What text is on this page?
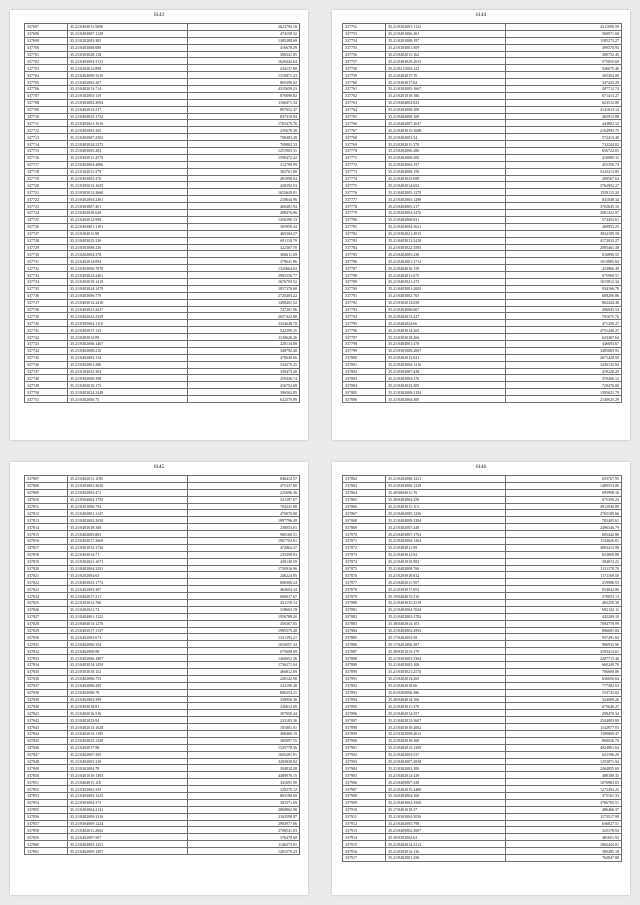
6143
337697	35.21/0403011:5690	2623793.10
337698	35.21/0403007:1128	474158.32
337699	35.21/0202003:385	1385288.69
337700	35.21/0403008:688	416670.29
337701	35.21/0303028:118	306341.85
337702	35.21/0403004:3131	1629442.64
337703	35.21/0203012:898	234137.80
337704	35.21/0404008:3310	1310871.23
337705	35.21/0402002:207	865390.02
337706	35.21/0402013:714	4315659.23
337707	35.21/0102003:119	876096.82
337708	35.21/0303004:2094	1166471.34
337709	35.21/0402013:217	897652.47
337710	35.21/0403023:1732	837310.84
337711	35.21/0403021:1016	1765479.76
337712	35.21/0202003:305	235678.39
337713	35.21/0403007:2502	708483.49
337714	35.21/0403024:2273	709882.33
337715	35.21/0403005:284	1251903.31
337716	35.21/0302011:4579	1590472.42
337717	35.21/0403004:4886	312789.99
337718	35.21/0102011:379	302761.80
337719	35.21/0403002:476	491998.04
337720	35.21/0305013:1635	428292.53
337721	35.21/0305013:2660	1652629.81
337722	35.21/0402004:2361	218644.96
337723	35.21/0303007:401	460481.94
337724	35.21/0403028:628	498476.86
337725	35.21/0202012:998	1456596.13
337726	35.21/0403001:1181	305958.44
337727	35.21/0304011:98	465304.27
337728	35.21/0403025:336	691110.79
337729	35.21/0303008:236	322367.70
337730	35.21/0202004:378	306611.69
337731	35.21/0402014:894	378641.86
337732	35.21/0403006:7878	1325664.63
337733	35.21/0403024:2461	2982356.77
337734	35.21/0403019:1418	1676793.52
337735	35.21/0403024:1479	1857376.68
337736	35.21/0403006:779	2720403.22
337737	35.21/0403012:2410	1498401.52
337738	35.21/0403021:2417	747201.96
337739	35.21/0402022:2329	2657422.90
337740	35.21/0305004:1110	3334648.70
337741	35.21/0202017:123	522399.25
337742	35.21/0403013:89	1120628.26
337743	35.21/0402006:1467	428134.88
337744	35.21/0402008:210	348792.40
337745	35.21/0402003:114	470640.66
337746	35.21/0302001:280	334279.25
337747	35.21/0103022:304	339473.20
337748	35.21/0302008:398	259436.74
337749	35.21/0403010:173	416752.69
337750	35.21/0403024:2448	396562.85
337751	35.21/0402006:75	622370.89
6144
337752	35.21/0302001:1122	4311690.59
337753	35.21/0401006:361	560971.68
337754	35.21/0201008:197	1185272.27
337755	35.21/0304001:509	499570.93
337756	35.21/0402011:162	380752.45
337757	35.21/0403029:2013	575055.69
337758	35.21/0211003:122	526675.46
337759	35.21/0403017:70	265304.00
337760	35.21/0303017:62	347423.29
337761	35.21/0302005:1667	287712.74
337762	35.21/0201010:186	671413.27
337763	35.21/0404004:823	623512.88
337764	35.21/0303008:108	4141613.14
337765	35.21/0402008:108	465913.88
337766	35.21/0402007:2647	443802.52
337767	35.21/0403015:3688	2164992.75
337768	35.21/0402003:54	572413.40
337769	35.21/0202011:370	732244.02
337770	35.21/0402006:286	656722.05
337771	35.21/0402008:200	418080.31
337772	35.21/0404004:157	455356.74
337773	35.21/0404008:158	5243213.85
337774	35.21/0403023:698	289567.64
337775	35.21/0403014:652	3762992.27
337776	35.21/0402005:1279	1558115.20
337777	35.21/0402005:1298	841048.34
337778	35.21/0404005:217	3702645.16
337779	35.21/0203004:3476	3081432.97
337780	35.21/0402008:831	574453.61
337781	35.21/0404004:3621	260953.25
337782	35.21/0302021:4915	3834189.58
337783	35.21/0403013:2418	4172033.27
337784	35.21/0403022:3585	2085461.38
337785	35.21/0402005:238	616890.55
337786	35.21/0402001:2712	1013885.84
337787	35.21/0404016:159	423866.49
337788	35.21/0403011:675	675969.51
337789	35.21/0403021:273	1015812.34
337790	35.21/0403001:2005	934166.78
337791	35.21/0403002:765	608206.86
337792	35.21/0302014:658	862444.48
337793	35.21/0404006:607	496945.54
337794	35.21/0402013:227	781675.76
337795	35.21/0402024:66	471458.27
337796	35.21/0403014:265	4751446.27
337797	35.21/0303018:266	623467.64
337798	35.21/0404001:478	446693.67
337799	35.21/0305008:2067	3485869.91
337800	35.21/0402013:641	2671428.50
337801	35.21/0403004:1216	3436132.84
337802	35.21/0302007:428	419220.29
337803	35.21/0402004:276	370266.12
337804	35.21/0402023:305	729476.00
337805	35.21/0302008:2194	1585621.79
337806	35.21/0402004:400	2140025.29
6145
337807	35.21/0402011:1185	846412.57
337808	35.21/0203002:3626	475337.80
337809	35.21/0302002:471	225696.36
337810	35.21/0504004:1735	321297.07
337811	35.21/0201006:794	704241.88
337812	35.21/0402001:1147	470070.80
337813	35.21/0402002:2650	1897796.49
337814	35.21/0403018:368	238053.01
337815	35.21/0402005:803	980160.51
337816	35.21/0403017:3669	1967702.61
337817	35.21/0301012:1726	472862.27
337818	35.21/0403014:71	235398.83
337819	35.21/0302021:1671	430130.59
337820	35.21/0402004:3291	1750916.96
337821	35.21/0202004:63	246224.85
337822	35.21/0403023:1774	690306.24
337823	35.21/0402003:307	463604.34
337824	35.21/0402017:211	666617.67
337825	35.21/0203012:766	421158.14
337826	35.21/0402021:72	318663.19
337827	35.21/0404001:1122	1956788.20
337828	35.21/0404013:1276	456367.65
337829	35.21/0403017:1137	1985575.28
337830	35.21/0402002:673	1331393.21
337831	35.21/0402006:354	1654557.24
337832	35.21/0402008:88	675608.69
337833	35.21/0402006:1807	1460652.36
337834	35.21/0403014:1450	1736271.04
337835	35.21/0303010:152	466812.69
337836	35.21/0402006:753	226142.90
337837	35.21/0402006:289	232198.28
337838	35.21/0403008:78	806254.21
337839	35.21/0402003:399	338956.36
337840	35.21/0403018:81	326612.09
337841	35.21/0402016:516	397050.44
337842	35.21/0402023:94	233183.36
337843	35.21/0402013:1628	181801.01
337844	35.21/0402013:1195	368460.19
337845	35.21/0403023:1248	385097.55
337846	35.21/0202017:98	1325778.56
337847	35.21/0402007:305	1605281.81
337848	35.21/0402003:310	3283838.82
337849	35.21/0302004:78	394832.28
337850	35.21/0401010:1393	4489976.15
337851	35.21/0404011:118	341691.90
337852	35.21/0302002:333	329270.12
337853	35.21/0403003:1225	863190.69
337854	35.21/0303004:373	383371.69
337855	35.21/0403004:2141	2860862.90
337856	35.21/0402009:3316	2162598.97
337857	35.21/0304009:1224	2984977.66
337858	35.21/0402011:2602	2708541.03
337859	35.21/0402007:507	376478.60
337860	35.21/0404003:1251	1146373.81
337861	35.21/0402009:1497	1201579.23
6146
337862	35.21/0402006:1221	655767.95
337863	35.21/0303006:1229	1489553.06
337864	35.40/0604011:76	695998.16
337865	35.38/0403004:259	675358.23
337866	35.21/0403011:113	4912940.89
337867	35.21/0402005:1256	2765189.66
337868	35.21/0404008:3394	782405.61
337869	35.21/0402007:248	2496346.79
337870	35.21/0403007:1763	605442.86
337871	35.21/0402004:1204	1134626.81
337872	35.21/0403011:99	3803415.98
337873	35.21/0403012:92	823809.88
337874	35.21/0401010:982	384813.21
337875	35.21/0402008:760	1131178.70
337876	35.21/0203018:832	1171169.50
337877	35.21/0402011:507	219986.93
337878	35.21/0303017:852	654042.86
337879	35.19/0404015:516	270053.13
337880	35.21/0403015:2518	482250.38
337881	35.21/0403004:7044	692132.11
337882	35.21/0402002:2782	442209.10
337883	35.38/0402014:103	7084759.99
337884	35.21/0402002:2992	886681.04
337885	35.17/0402003:58	937291.84
337886	35.17/0201006:387	906933.96
337887	35.38/0301013:179	4183413.61
337888	35.21/0303003:3364	2287713.46
337889	35.21/0405002:108	660249.70
337890	35.21/0403021:2570	706600.06
337891	35.21/0402014:265	636656.64
337892	35.21/0402018:66	777382.63
337893	35.01/0205006:386	553743.02
337894	35.40/0404014:166	324009.26
337895	35.21/0403011:370	675646.27
337896	35.21/0402014:357	298470.34
337897	35.21/0402013:3607	2544003.89
337898	35.21/0403010:2062	1142977.03
337899	35.21/0302008:2611	1189869.47
337900	35.21/0402018:369	860026.70
337901	35.21/0402013:1309	4024861.64
337902	35.21/0402003:537	622196.20
337903	35.21/0402007:2838	1253871.94
337904	35.21/0302002:300	2464855.69
337905	35.21/0402012:439	488180.35
337906	35.21/0405007:328	1076983.83
337907	35.21/0402015:2460	1272494.25
337908	35.16/0403004:168	375161.33
337909	35.21/0403004:3560	3766765.51
337910	35.17/0401010:37	486466.37
337911	35.21/0303004:5056	1175517.99
337912	35.21/0402005:798	636827.51
337913	35.21/0405002:2007	325178.94
337914	35.30/0302002:63	481651.93
337915	35.21/0402014:2312	1062444.01
337916	35.21/0303014:136	380485.18
337917	35.21/0402001:256	762847.80
